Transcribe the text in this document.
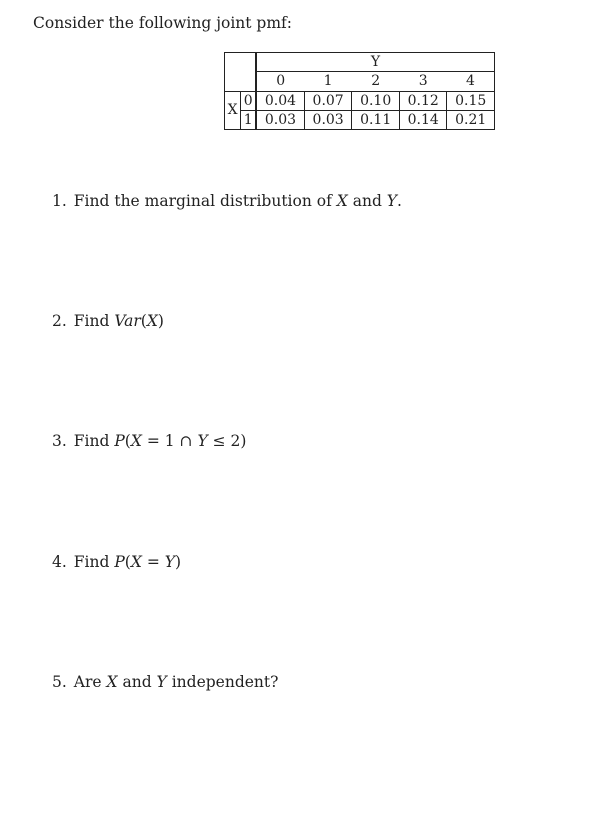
Consider the following joint pmf:
		Y				
		0	1	2	3	4
X	0	0.04	0.07	0.10	0.12	0.15
	1	0.03	0.03	0.11	0.14	0.21
1. Find the marginal distribution of X and Y.
2. Find Var(X)
3. Find P(X = 1 ∩ Y ≤ 2)
4. Find P(X = Y)
5. Are X and Y independent?
